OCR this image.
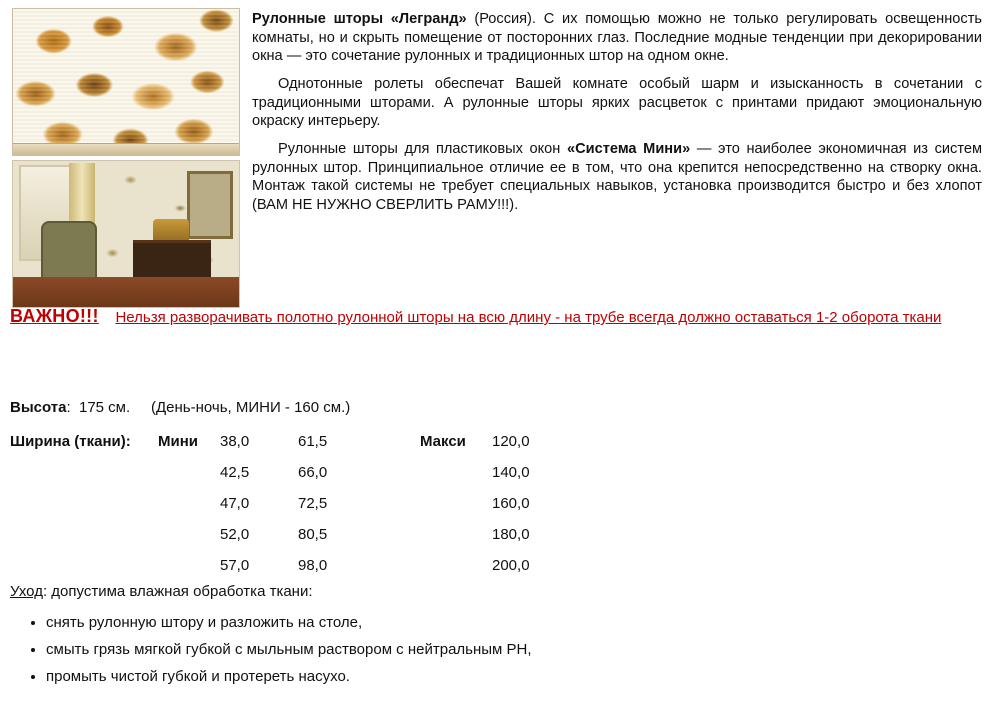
Рулонные шторы «Легранд» (Россия). С их помощью можно не только регулировать освещенность комнаты, но и скрыть помещение от посторонних глаз. Последние модные тенденции при декорировании окна — это сочетание рулонных и традиционных штор на одном окне.

Однотонные ролеты обеспечат Вашей комнате особый шарм и изысканность в сочетании с традиционными шторами. А рулонные шторы ярких расцветок с принтами придают эмоциональную окраску интерьеру.

Рулонные шторы для пластиковых окон «Система Мини» — это наиболее экономичная из систем рулонных штор. Принципиальное отличие ее в том, что она крепится непосредственно на створку окна. Монтаж такой системы не требует специальных навыков, установка производится быстро и без хлопот (ВАМ НЕ НУЖНО СВЕРЛИТЬ РАМУ!!!).

ВАЖНО!!! Нельзя разворачивать полотно рулонной шторы на всю длину - на трубе всегда должно оставаться 1-2 оборота ткани
Высота: 175 см. (День-ночь, МИНИ - 160 см.)
Ширина (ткани):	Мини	38,0	61,5	Макси	120,0
		42,5	66,0		140,0
		47,0	72,5		160,0
		52,0	80,5		180,0
		57,0	98,0		200,0
Уход: допустима влажная обработка ткани:
• снять рулонную штору и разложить на столе,
• смыть грязь мягкой губкой с мыльным раствором с нейтральным РН,
• промыть чистой губкой и протереть насухо.
